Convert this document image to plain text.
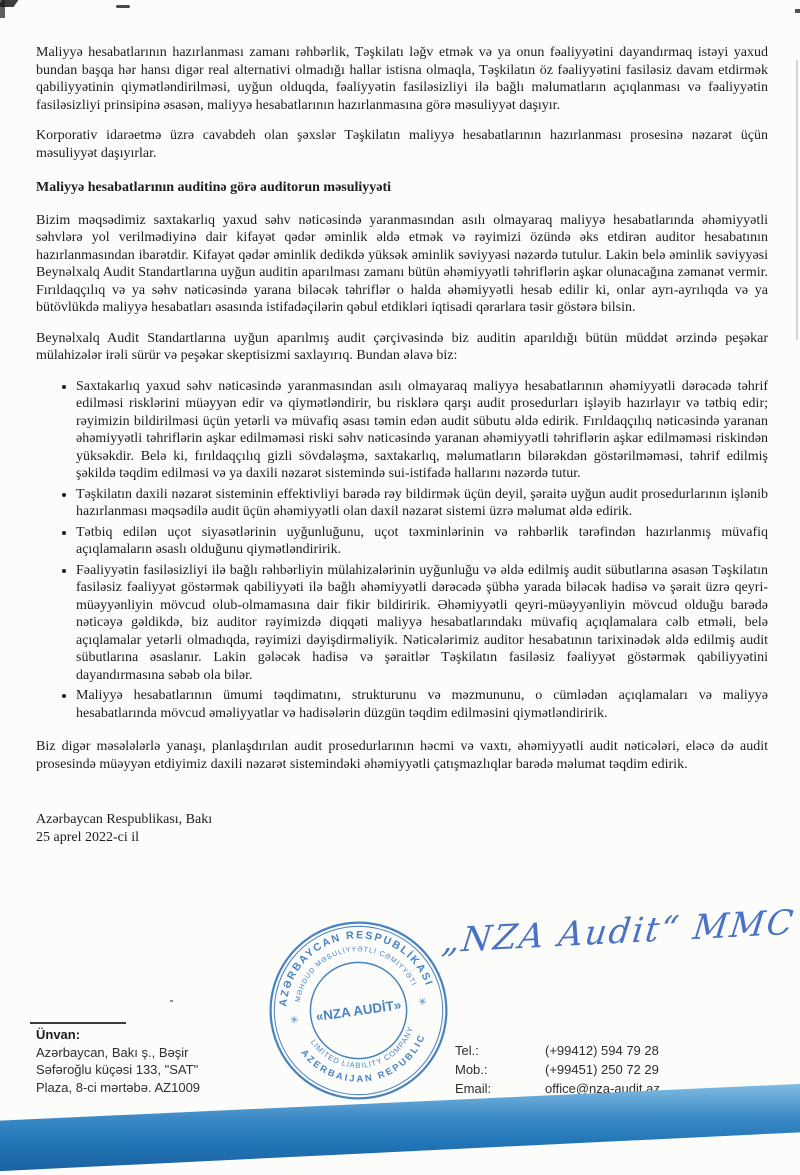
Maliyyə hesabatlarının hazırlanması zamanı rəhbərlik, Təşkilatı ləğv etmək və ya onun fəaliyyətini dayandırmaq istəyi yaxud bundan başqa hər hansı digər real alternativi olmadığı hallar istisna olmaqla, Təşkilatın öz fəaliyyətini fasiləsiz davam etdirmək qabiliyyətinin qiymətləndirilməsi, uyğun olduqda, fəaliyyətin fasiləsizliyi ilə bağlı məlumatların açıqlanması və fəaliyyətin fasiləsizliyi prinsipinə əsasən, maliyyə hesabatlarının hazırlanmasına görə məsuliyyət daşıyır.

Korporativ idarəetmə üzrə cavabdeh olan şəxslər Təşkilatın maliyyə hesabatlarının hazırlanması prosesinə nəzarət üçün məsuliyyət daşıyırlar.

Maliyyə hesabatlarının auditinə görə auditorun məsuliyyəti

Bizim məqsədimiz saxtakarlıq yaxud səhv nəticəsində yaranmasından asılı olmayaraq maliyyə hesabatlarında əhəmiyyətli səhvlərə yol verilmədiyinə dair kifayət qədər əminlik əldə etmək və rəyimizi özündə əks etdirən auditor hesabatının hazırlanmasından ibarətdir. Kifayət qədər əminlik dedikdə yüksək əminlik səviyyəsi nəzərdə tutulur. Lakin belə əminlik səviyyəsi Beynəlxalq Audit Standartlarına uyğun auditin aparılması zamanı bütün əhəmiyyətli təhriflərin aşkar olunacağına zəmanət vermir. Fırıldaqçılıq və ya səhv nəticəsində yarana biləcək təhriflər o halda əhəmiyyətli hesab edilir ki, onlar ayrı-ayrılıqda və ya bütövlükdə maliyyə hesabatları əsasında istifadəçilərin qəbul etdikləri iqtisadi qərarlara təsir göstərə bilsin.

Beynəlxalq Audit Standartlarına uyğun aparılmış audit çərçivəsində biz auditin aparıldığı bütün müddət ərzində peşəkar mülahizələr irəli sürür və peşəkar skeptisizmi saxlayırıq. Bundan əlavə biz:

• Saxtakarlıq yaxud səhv nəticəsində yaranmasından asılı olmayaraq maliyyə hesabatlarının əhəmiyyətli dərəcədə təhrif edilməsi risklərini müəyyən edir və qiymətləndirir, bu risklərə qarşı audit prosedurları işləyib hazırlayır və tətbiq edir; rəyimizin bildirilməsi üçün yetərli və müvafiq əsası təmin edən audit sübutu əldə edirik. Fırıldaqçılıq nəticəsində yaranan əhəmiyyətli təhriflərin aşkar edilməməsi riski səhv nəticəsində yaranan əhəmiyyətli təhriflərin aşkar edilməməsi riskindən yüksəkdir. Belə ki, fırıldaqçılıq gizli sövdələşmə, saxtakarlıq, məlumatların bilərəkdən göstərilməməsi, təhrif edilmiş şəkildə təqdim edilməsi və ya daxili nəzarət sistemində sui-istifadə hallarını nəzərdə tutur.
• Təşkilatın daxili nəzarət sisteminin effektivliyi barədə rəy bildirmək üçün deyil, şəraitə uyğun audit prosedurlarının işlənib hazırlanması məqsədilə audit üçün əhəmiyyətli olan daxil nəzarət sistemi üzrə məlumat əldə edirik.
• Tətbiq edilən uçot siyasətlərinin uyğunluğunu, uçot təxminlərinin və rəhbərlik tərəfindən hazırlanmış müvafiq açıqlamaların əsaslı olduğunu qiymətləndiririk.
• Fəaliyyətin fasiləsizliyi ilə bağlı rəhbərliyin mülahizələrinin uyğunluğu və əldə edilmiş audit sübutlarına əsasən Təşkilatın fasiləsiz fəaliyyət göstərmək qabiliyyəti ilə bağlı əhəmiyyətli dərəcədə şübhə yarada biləcək hadisə və şərait üzrə qeyri-müəyyənliyin mövcud olub-olmamasına dair fikir bildiririk. Əhəmiyyətli qeyri-müəyyənliyin mövcud olduğu barədə nəticəyə gəldikdə, biz auditor rəyimizdə diqqəti maliyyə hesabatlarındakı müvafiq açıqlamalara cəlb etməli, belə açıqlamalar yetərli olmadıqda, rəyimizi dəyişdirməliyik. Nəticələrimiz auditor hesabatının tarixinədək əldə edilmiş audit sübutlarına əsaslanır. Lakin gələcək hadisə və şəraitlər Təşkilatın fasiləsiz fəaliyyət göstərmək qabiliyyətini dayandırmasına səbəb ola bilər.
• Maliyyə hesabatlarının ümumi təqdimatını, strukturunu və məzmununu, o cümlədən açıqlamaları və maliyyə hesabatlarında mövcud əməliyyatlar və hadisələrin düzgün təqdim edilməsini qiymətləndiririk.

Biz digər məsələlərlə yanaşı, planlaşdırılan audit prosedurlarının həcmi və vaxtı, əhəmiyyətli audit nəticələri, eləcə də audit prosesində müəyyən etdiyimiz daxili nəzarət sistemindəki əhəmiyyətli çatışmazlıqlar barədə məlumat təqdim edirik.

Azərbaycan Respublikası, Bakı
25 aprel 2022-ci il
„NZA Audit“ MMC
AZƏRBAYCAN RESPUBLİKASI
MƏHDUD MƏSULİYYƏTLİ CƏMİYYƏTİ
LIMITED LIABILITY COMPANY
AZERBAIJAN REPUBLIC
«NZA AUDİT»
✳
✳
Ünvan:
Azərbaycan, Bakı ş., Bəşir
Səfəroğlu küçəsi 133, "SAT"
Plaza, 8-ci mərtəbə. AZ1009
Tel.:	(+99412) 594 79 28
Mob.:	(+99451) 250 72 29
Email:	office@nza-audit.az
